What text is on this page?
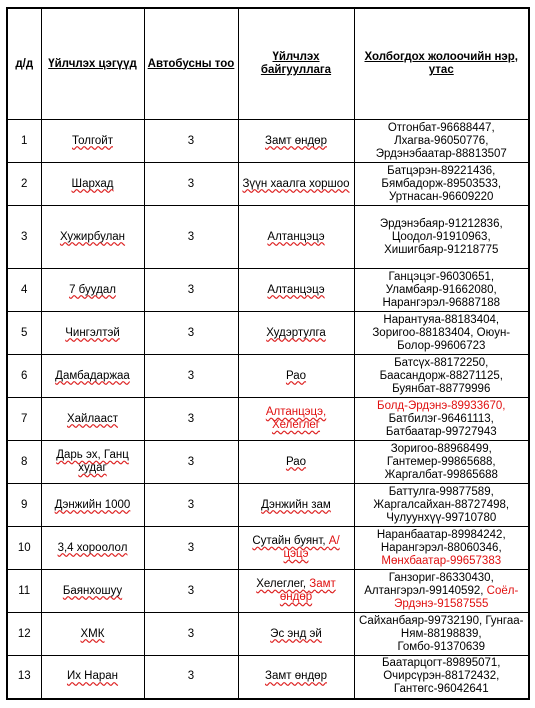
д/д	Үйлчлэх цэгүүд	Автобусны тоо	Үйлчлэх байгууллага	Холбогдох жолоочийн нэр, утас
1	Толгойт	3	Замт өндөр	Отгонбат-96688447, Лхагва-96050776, Эрдэнэбаатар-88813507
2	Шархад	3	Зүүн хаалга хоршоо	Батцэрэн-89221436, Бямбадорж-89503533, Уртнасан-96609220
3	Хужирбулан	3	Алтанцэцэ	Эрдэнэбаяр-91212836, Цоодол-91910963, Хишигбаяр-91218775
4	7 буудал	3	Алтанцэцэ	Ганцэцэг-96030651, Уламбаяр-91662080, Нарангэрэл-96887188
5	Чингэлтэй	3	Худэртулга	Нарантуяа-88183404, Зоригоо-88183404, Оюун-Болор-99606723
6	Дамбадаржаа	3	Рао	Батсүх-88172250, Баасандорж-88271125, Буянбат-88779996
7	Хайлааст	3	Алтанцэцэ, Хелеглег	Болд-Эрдэнэ-89933670, Батбилэг-96461113, Батбаатар-99727943
8	Дарь эх, Ганц худаг	3	Рао	Зоригоо-88968499, Гантемер-99865688, Жаргалбат-99865688
9	Дэнжийн 1000	3	Дэнжийн зам	Баттулга-99877589, Жаргалсайхан-88727498, Чулуунхүү-99710780
10	3,4 хороолол	3	Сутайн буянт, А/цэцэ	Наранбаатар-89984242, Нарангэрэл-88060346, Мөнхбаатар-99657383
11	Баянхошуу	3	Хелеглег, Замт өндөр	Ганзориг-86330430, Алтангэрэл-99140592, Соёл-Эрдэнэ-91587555
12	ХМК	3	Эс энд эй	Сайханбаяр-99732190, Гунгаа-Ням-88198839, Гомбо-91370639
13	Их Наран	3	Замт өндөр	Баатарцогт-89895071, Очирсүрэн-88172432, Гантөгс-96042641
